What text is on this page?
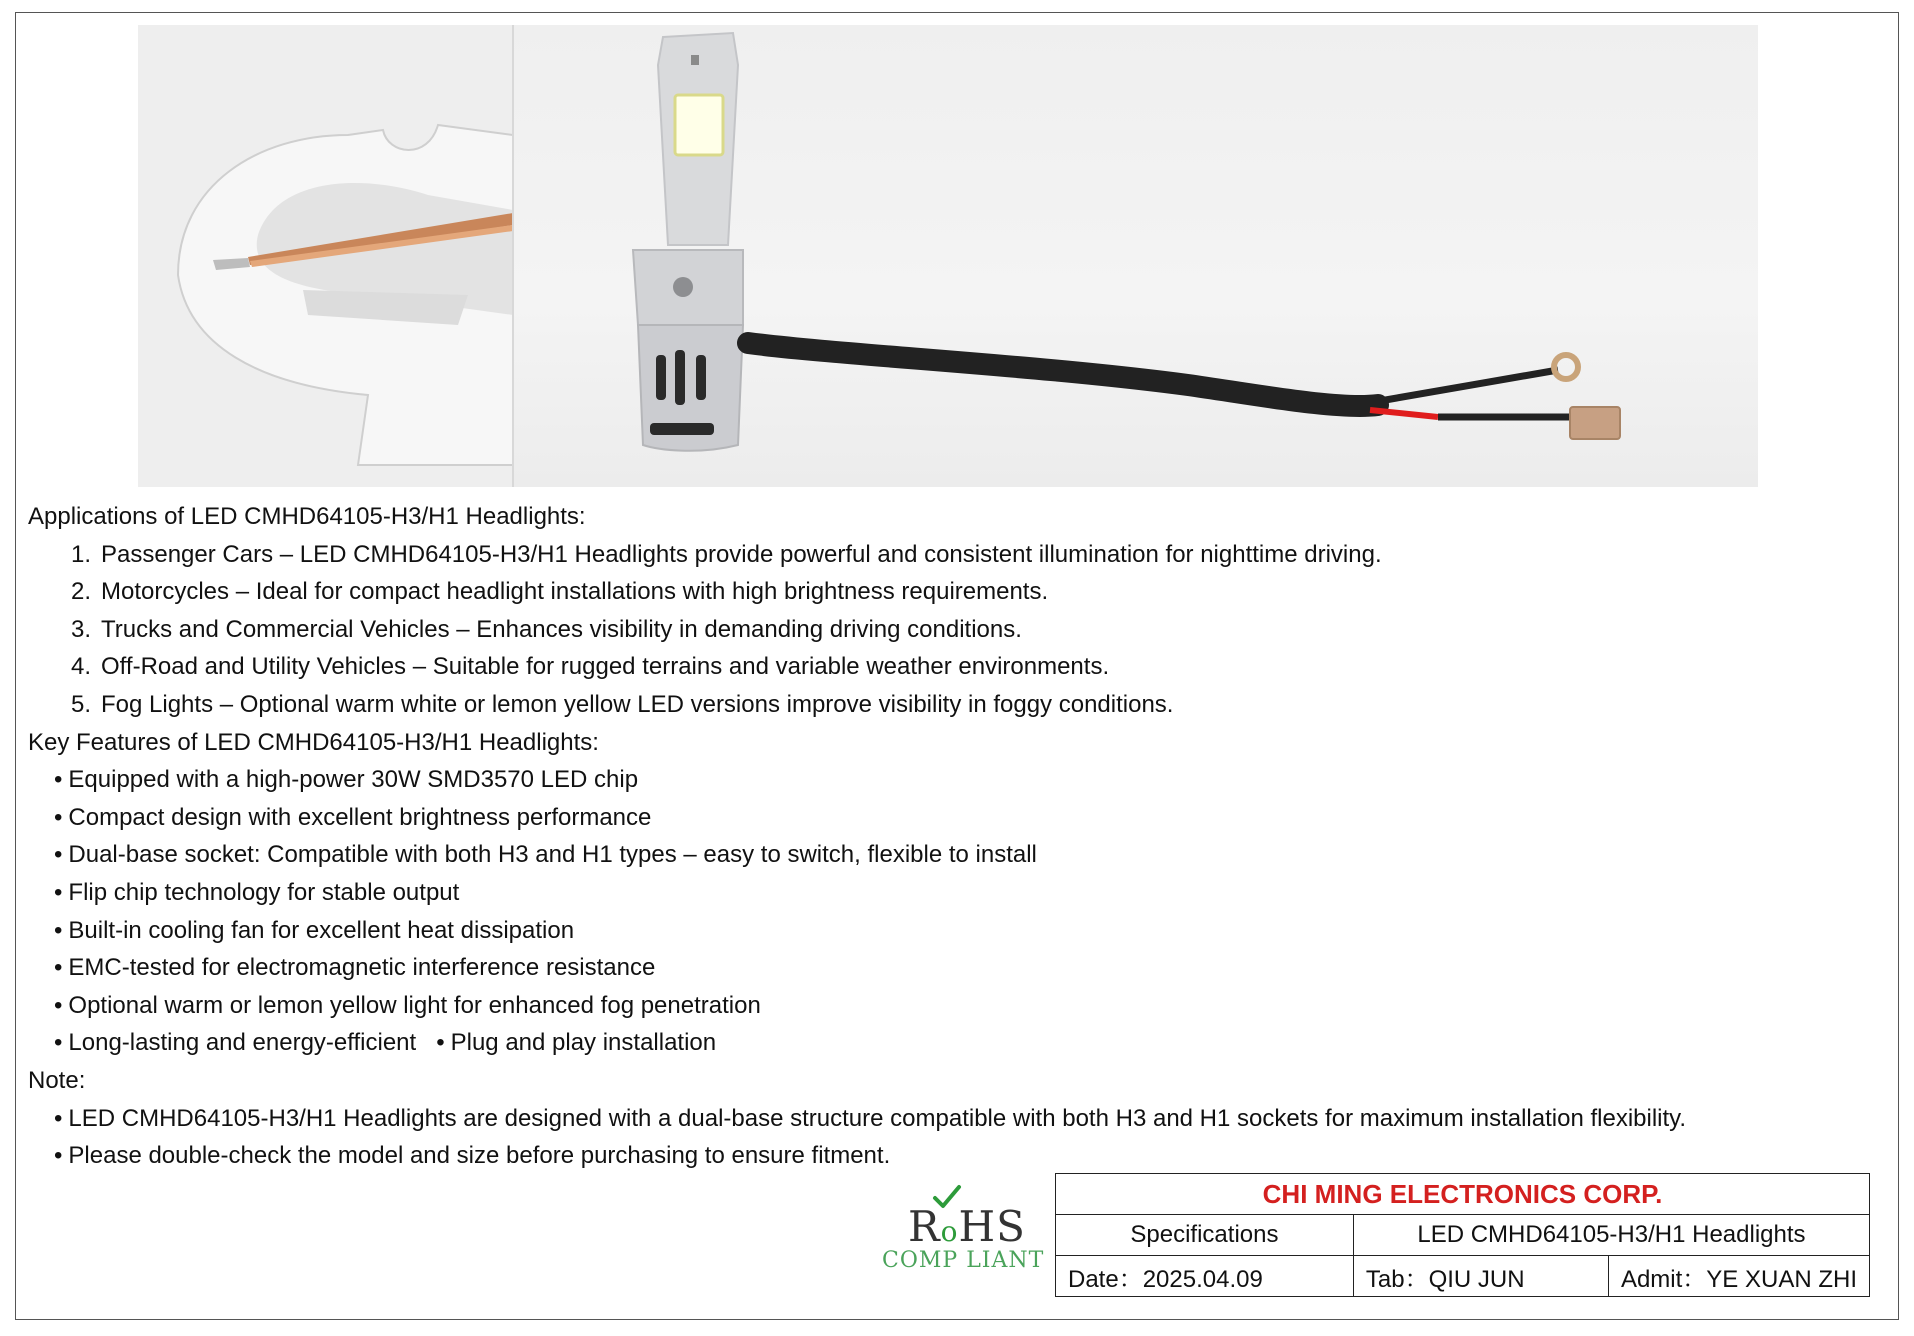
Applications of LED CMHD64105-H3/H1 Headlights:
1. Passenger Cars – LED CMHD64105-H3/H1 Headlights provide powerful and consistent illumination for nighttime driving.
2. Motorcycles – Ideal for compact headlight installations with high brightness requirements.
3. Trucks and Commercial Vehicles – Enhances visibility in demanding driving conditions.
4. Off-Road and Utility Vehicles – Suitable for rugged terrains and variable weather environments.
5. Fog Lights – Optional warm white or lemon yellow LED versions improve visibility in foggy conditions.
Key Features of LED CMHD64105-H3/H1 Headlights:
• Equipped with a high-power 30W SMD3570 LED chip
• Compact design with excellent brightness performance
• Dual-base socket: Compatible with both H3 and H1 types – easy to switch, flexible to install
• Flip chip technology for stable output
• Built-in cooling fan for excellent heat dissipation
• EMC-tested for electromagnetic interference resistance
• Optional warm or lemon yellow light for enhanced fog penetration
• Long-lasting and energy-efficient • Plug and play installation
Note:
• LED CMHD64105-H3/H1 Headlights are designed with a dual-base structure compatible with both H3 and H1 sockets for maximum installation flexibility.
• Please double-check the model and size before purchasing to ensure fitment.
RoHS
COMP LIANT
CHI MING ELECTRONICS CORP.		
Specifications	LED CMHD64105-H3/H1 Headlights	
Date：2025.04.09	Tab：QIU JUN	Admit：YE XUAN ZHI
